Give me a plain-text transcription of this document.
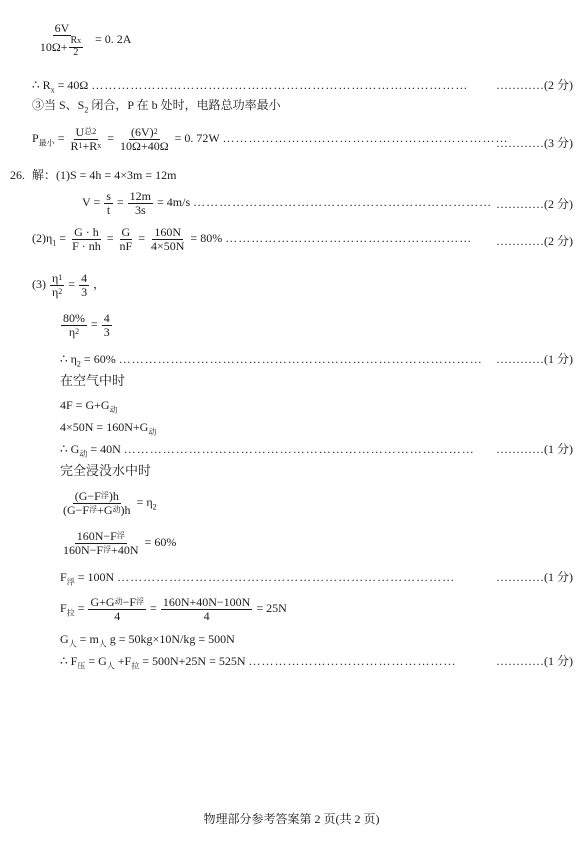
$\frac{6V}{10\Omega+ \frac{\text{R x}}{2}} = 0$. 2A
∴ $R_x = 40\Omega$ …………………………………………………………………………… …………(2 分)
③当 S、$S_2$ 闭合，P 在 b 处时，电路总功率最小
$P_{最小} = \frac{\text{U 总 2}}{\text{R 1 +R x}} = \frac{(6V) 2}{10\Omega+40\Omega} = 0$. 72W …………………………………………………………
…………(3 分)
26. 解：(1)S = 4h = 4×3m = 12m
$V = \frac{s}{t} = \frac{12m}{3s} = 4m/s$ …………………………………………………………… …………(2 分)
$(2)\eta_1 = \frac{G \cdot h}{F \cdot nh} = \frac{G}{nF} = \frac{160N}{4\times 50N} = 80\%$ ………………………………………………… …………(2 分)
$(3) \frac{\eta 1}{\eta 2} = \frac{4}{3}$ ，
$\frac{80\%}{\eta 2} = \frac{4}{3}$
∴ $\eta_2 = 60\%$ ………………………………………………………………………… …………(1 分)
在空气中时
$4F = G+G_动$
$4\times 50N = 160N+G_动$
∴ $G_动 = 40N$ ……………………………………………………………………… …………(1 分)
完全浸没水中时
$\frac{\text{(G−F 浮 )h}}{\text{(G−F 浮 +G 动 )h}} = \eta_2$
$\frac{\text{160N−F 浮}}{\text{160N−F 浮 +40N}} = 60\%$
$F_浮 = 100N$ ……………………………………………………………………	…………(1 分)
$F_拉 = \frac{\text{G+G 动 −F 浮}}{4} = \frac{160N+40N-100N}{4} = 25N$
$G_人 = m_人$ g = 50kg×10N/kg = 500N
∴ $F_压 = G_人 +F_拉 = 500N+25N = 525N$ …………………………………………	…………(1 分)
物理部分参考答案第 2 页(共 2 页)
